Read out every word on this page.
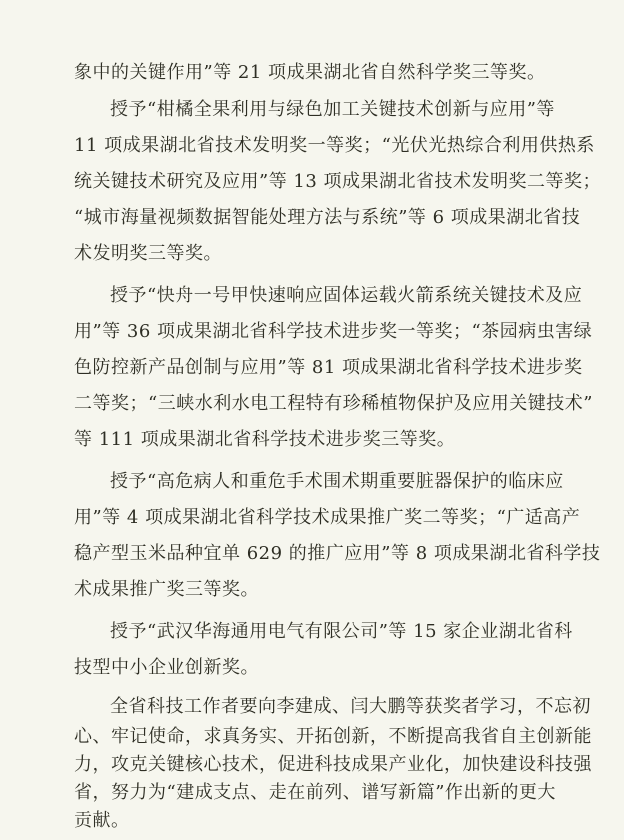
象中的关键作用”等 21 项成果湖北省自然科学奖三等奖。
授予“柑橘全果利用与绿色加工关键技术创新与应用”等
11 项成果湖北省技术发明奖一等奖；“光伏光热综合利用供热系
统关键技术研究及应用”等 13 项成果湖北省技术发明奖二等奖；
“城市海量视频数据智能处理方法与系统”等 6 项成果湖北省技
术发明奖三等奖。
授予“快舟一号甲快速响应固体运载火箭系统关键技术及应
用”等 36 项成果湖北省科学技术进步奖一等奖；“茶园病虫害绿
色防控新产品创制与应用”等 81 项成果湖北省科学技术进步奖
二等奖；“三峡水利水电工程特有珍稀植物保护及应用关键技术”
等 111 项成果湖北省科学技术进步奖三等奖。
授予“高危病人和重危手术围术期重要脏器保护的临床应
用”等 4 项成果湖北省科学技术成果推广奖二等奖；“广适高产
稳产型玉米品种宜单 629 的推广应用”等 8 项成果湖北省科学技
术成果推广奖三等奖。
授予“武汉华海通用电气有限公司”等 15 家企业湖北省科
技型中小企业创新奖。
全省科技工作者要向李建成、闫大鹏等获奖者学习，不忘初
心、牢记使命，求真务实、开拓创新，不断提高我省自主创新能
力，攻克关键核心技术，促进科技成果产业化，加快建设科技强
省，努力为“建成支点、走在前列、谱写新篇”作出新的更大
贡献。
